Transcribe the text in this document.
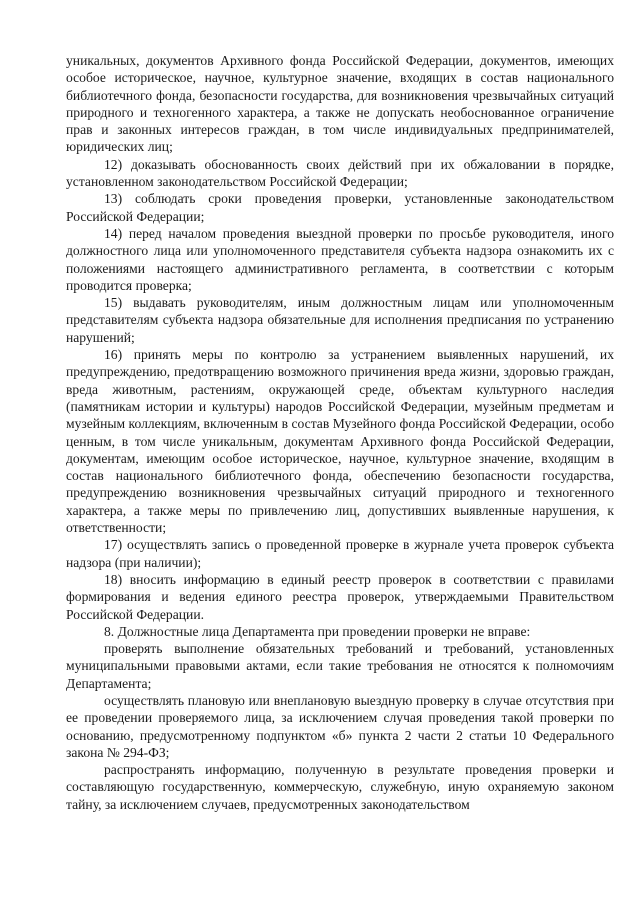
уникальных, документов Архивного фонда Российской Федерации, документов, имеющих особое историческое, научное, культурное значение, входящих в состав национального библиотечного фонда, безопасности государства, для возникновения чрезвычайных ситуаций природного и техногенного характера, а также не допускать необоснованное ограничение прав и законных интересов граждан, в том числе индивидуальных предпринимателей, юридических лиц;

12) доказывать обоснованность своих действий при их обжаловании в порядке, установленном законодательством Российской Федерации;

13) соблюдать сроки проведения проверки, установленные законодательством Российской Федерации;

14) перед началом проведения выездной проверки по просьбе руководителя, иного должностного лица или уполномоченного представителя субъекта надзора ознакомить их с положениями настоящего административного регламента, в соответствии с которым проводится проверка;

15) выдавать руководителям, иным должностным лицам или уполномоченным представителям субъекта надзора обязательные для исполнения предписания по устранению нарушений;

16) принять меры по контролю за устранением выявленных нарушений, их предупреждению, предотвращению возможного причинения вреда жизни, здоровью граждан, вреда животным, растениям, окружающей среде, объектам культурного наследия (памятникам истории и культуры) народов Российской Федерации, музейным предметам и музейным коллекциям, включенным в состав Музейного фонда Российской Федерации, особо ценным, в том числе уникальным, документам Архивного фонда Российской Федерации, документам, имеющим особое историческое, научное, культурное значение, входящим в состав национального библиотечного фонда, обеспечению безопасности государства, предупреждению возникновения чрезвычайных ситуаций природного и техногенного характера, а также меры по привлечению лиц, допустивших выявленные нарушения, к ответственности;

17) осуществлять запись о проведенной проверке в журнале учета проверок субъекта надзора (при наличии);

18) вносить информацию в единый реестр проверок в соответствии с правилами формирования и ведения единого реестра проверок, утверждаемыми Правительством Российской Федерации.

8. Должностные лица Департамента при проведении проверки не вправе:

проверять выполнение обязательных требований и требований, установленных муниципальными правовыми актами, если такие требования не относятся к полномочиям Департамента;

осуществлять плановую или внеплановую выездную проверку в случае отсутствия при ее проведении проверяемого лица, за исключением случая проведения такой проверки по основанию, предусмотренному подпунктом «б» пункта 2 части 2 статьи 10 Федерального закона № 294-ФЗ;

распространять информацию, полученную в результате проведения проверки и составляющую государственную, коммерческую, служебную, иную охраняемую законом тайну, за исключением случаев, предусмотренных законодательством
